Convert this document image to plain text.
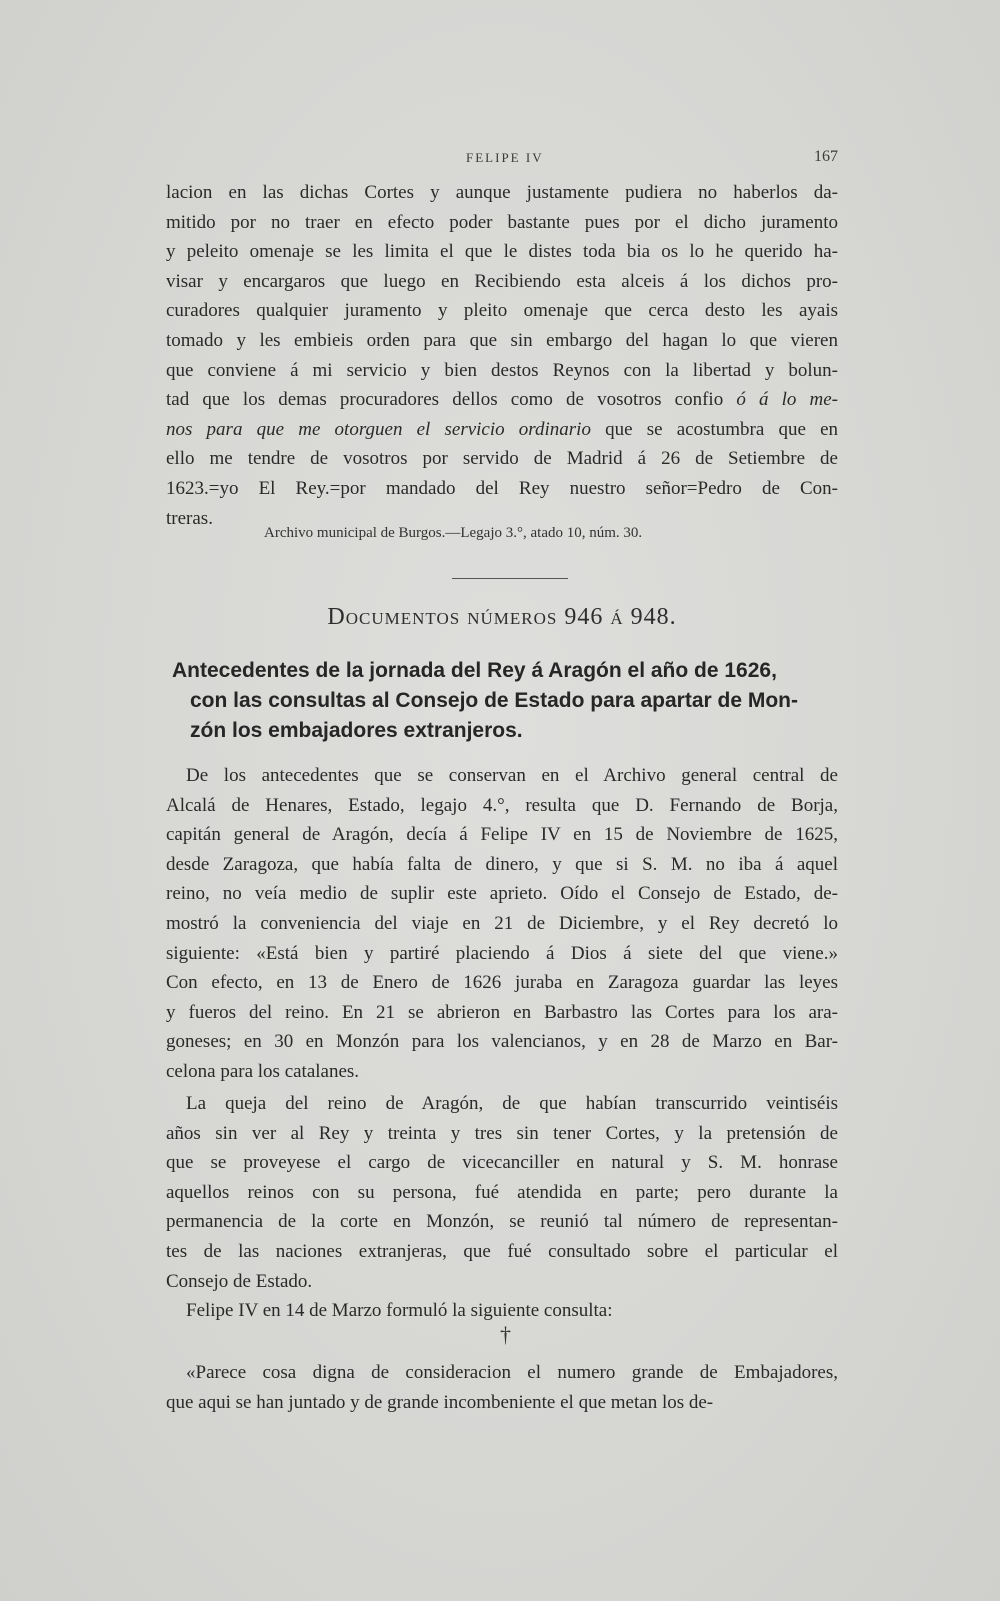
FELIPE IV	167

lacion en las dichas Cortes y aunque justamente pudiera no haberlos da-
mitido por no traer en efecto poder bastante pues por el dicho juramento
y peleito omenaje se les limita el que le distes toda bia os lo he querido ha-
visar y encargaros que luego en Recibiendo esta alceis á los dichos pro-
curadores qualquier juramento y pleito omenaje que cerca desto les ayais
tomado y les embieis orden para que sin embargo del hagan lo que vieren
que conviene á mi servicio y bien destos Reynos con la libertad y bolun-
tad que los demas procuradores dellos como de vosotros confio ó á lo me-
nos para que me otorguen el servicio ordinario que se acostumbra que en
ello me tendre de vosotros por servido de Madrid á 26 de Setiembre de
1623.=yo El Rey.=por mandado del Rey nuestro señor=Pedro de Con-
treras.

Archivo municipal de Burgos.—Legajo 3.°, atado 10, núm. 30.
Documentos números 946 á 948.
Antecedentes de la jornada del Rey á Aragón el año de 1626,
con las consultas al Consejo de Estado para apartar de Mon-
zón los embajadores extranjeros.

De los antecedentes que se conservan en el Archivo general central de
Alcalá de Henares, Estado, legajo 4.°, resulta que D. Fernando de Borja,
capitán general de Aragón, decía á Felipe IV en 15 de Noviembre de 1625,
desde Zaragoza, que había falta de dinero, y que si S. M. no iba á aquel
reino, no veía medio de suplir este aprieto. Oído el Consejo de Estado, de-
mostró la conveniencia del viaje en 21 de Diciembre, y el Rey decretó lo
siguiente: «Está bien y partiré placiendo á Dios á siete del que viene.»
Con efecto, en 13 de Enero de 1626 juraba en Zaragoza guardar las leyes
y fueros del reino. En 21 se abrieron en Barbastro las Cortes para los ara-
goneses; en 30 en Monzón para los valencianos, y en 28 de Marzo en Bar-
celona para los catalanes.

La queja del reino de Aragón, de que habían transcurrido veintiséis
años sin ver al Rey y treinta y tres sin tener Cortes, y la pretensión de
que se proveyese el cargo de vicecanciller en natural y S. M. honrase
aquellos reinos con su persona, fué atendida en parte; pero durante la
permanencia de la corte en Monzón, se reunió tal número de representan-
tes de las naciones extranjeras, que fué consultado sobre el particular el
Consejo de Estado.

Felipe IV en 14 de Marzo formuló la siguiente consulta:

†

«Parece cosa digna de consideracion el numero grande de Embajadores,
que aqui se han juntado y de grande incombeniente el que metan los de-
